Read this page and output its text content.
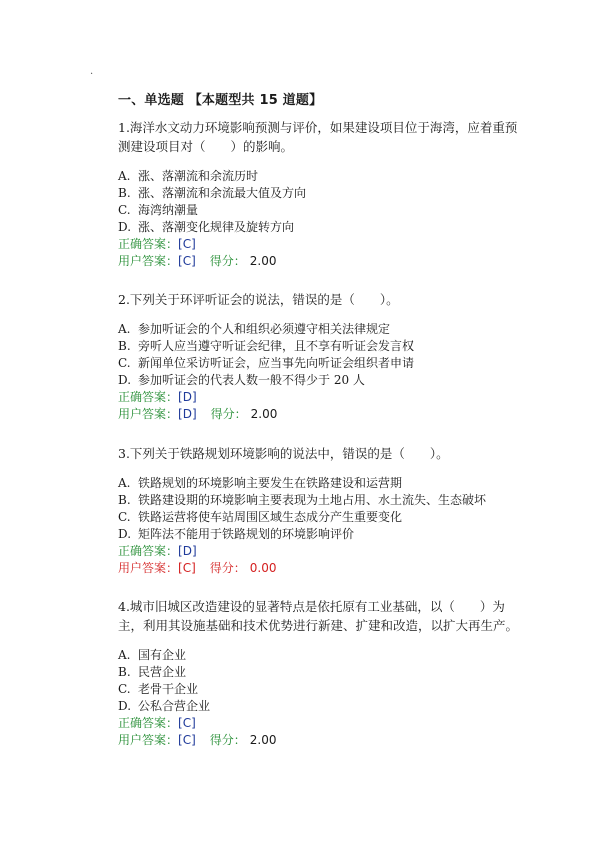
.
一、单选题 【本题型共 15 道题】
1.海洋水文动力环境影响预测与评价，如果建设项目位于海湾，应着重预测建设项目对（　　）的影响。
A. 涨、落潮流和余流历时
B. 涨、落潮流和余流最大值及方向
C. 海湾纳潮量
D. 涨、落潮变化规律及旋转方向
正确答案：[C]
用户答案：[C] 得分： 2.00
2.下列关于环评听证会的说法，错误的是（　　）。
A. 参加听证会的个人和组织必须遵守相关法律规定
B. 旁听人应当遵守听证会纪律，且不享有听证会发言权
C. 新闻单位采访听证会，应当事先向听证会组织者申请
D. 参加听证会的代表人数一般不得少于 20 人
正确答案：[D]
用户答案：[D] 得分： 2.00
3.下列关于铁路规划环境影响的说法中，错误的是（　　）。
A. 铁路规划的环境影响主要发生在铁路建设和运营期
B. 铁路建设期的环境影响主要表现为土地占用、水土流失、生态破坏
C. 铁路运营将使车站周围区域生态成分产生重要变化
D. 矩阵法不能用于铁路规划的环境影响评价
正确答案：[D]
用户答案：[C] 得分： 0.00
4.城市旧城区改造建设的显著特点是依托原有工业基础，以（　　）为主，利用其设施基础和技术优势进行新建、扩建和改造，以扩大再生产。
A. 国有企业
B. 民营企业
C. 老骨干企业
D. 公私合营企业
正确答案：[C]
用户答案：[C] 得分： 2.00
